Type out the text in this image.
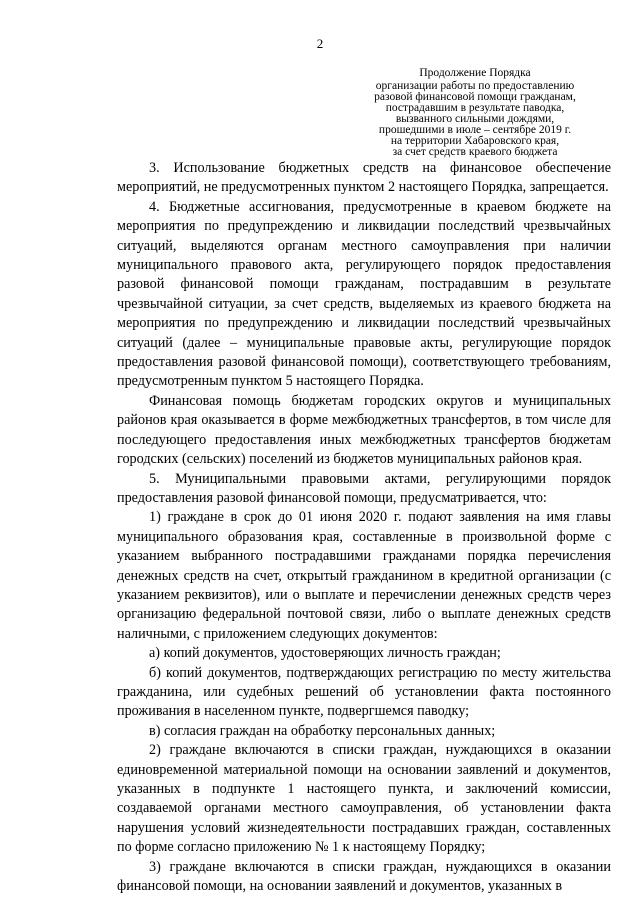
2
Продолжение Порядка
организации работы по предоставлению
разовой финансовой помощи гражданам,
пострадавшим в результате паводка,
вызванного сильными дождями,
прошедшими в июле – сентябре 2019 г.
на территории Хабаровского края,
за счет средств краевого бюджета

3. Использование бюджетных средств на финансовое обеспечение мероприятий, не предусмотренных пунктом 2 настоящего Порядка, запрещается.

4. Бюджетные ассигнования, предусмотренные в краевом бюджете на мероприятия по предупреждению и ликвидации последствий чрезвычайных ситуаций, выделяются органам местного самоуправления при наличии муниципального правового акта, регулирующего порядок предоставления разовой финансовой помощи гражданам, пострадавшим в результате чрезвычайной ситуации, за счет средств, выделяемых из краевого бюджета на мероприятия по предупреждению и ликвидации последствий чрезвычайных ситуаций (далее – муниципальные правовые акты, регулирующие порядок предоставления разовой финансовой помощи), соответствующего требованиям, предусмотренным пунктом 5 настоящего Порядка.

Финансовая помощь бюджетам городских округов и муниципальных районов края оказывается в форме межбюджетных трансфертов, в том числе для последующего предоставления иных межбюджетных трансфертов бюджетам городских (сельских) поселений из бюджетов муниципальных районов края.

5. Муниципальными правовыми актами, регулирующими порядок предоставления разовой финансовой помощи, предусматривается, что:

1) граждане в срок до 01 июня 2020 г. подают заявления на имя главы муниципального образования края, составленные в произвольной форме с указанием выбранного пострадавшими гражданами порядка перечисления денежных средств на счет, открытый гражданином в кредитной организации (с указанием реквизитов), или о выплате и перечислении денежных средств через организацию федеральной почтовой связи, либо о выплате денежных средств наличными, с приложением следующих документов:

а) копий документов, удостоверяющих личность граждан;

б) копий документов, подтверждающих регистрацию по месту жительства гражданина, или судебных решений об установлении факта постоянного проживания в населенном пункте, подвергшемся паводку;

в) согласия граждан на обработку персональных данных;

2) граждане включаются в списки граждан, нуждающихся в оказании единовременной материальной помощи на основании заявлений и документов, указанных в подпункте 1 настоящего пункта, и заключений комиссии, создаваемой органами местного самоуправления, об установлении факта нарушения условий жизнедеятельности пострадавших граждан, составленных по форме согласно приложению № 1 к настоящему Порядку;

3) граждане включаются в списки граждан, нуждающихся в оказании финансовой помощи, на основании заявлений и документов, указанных в
